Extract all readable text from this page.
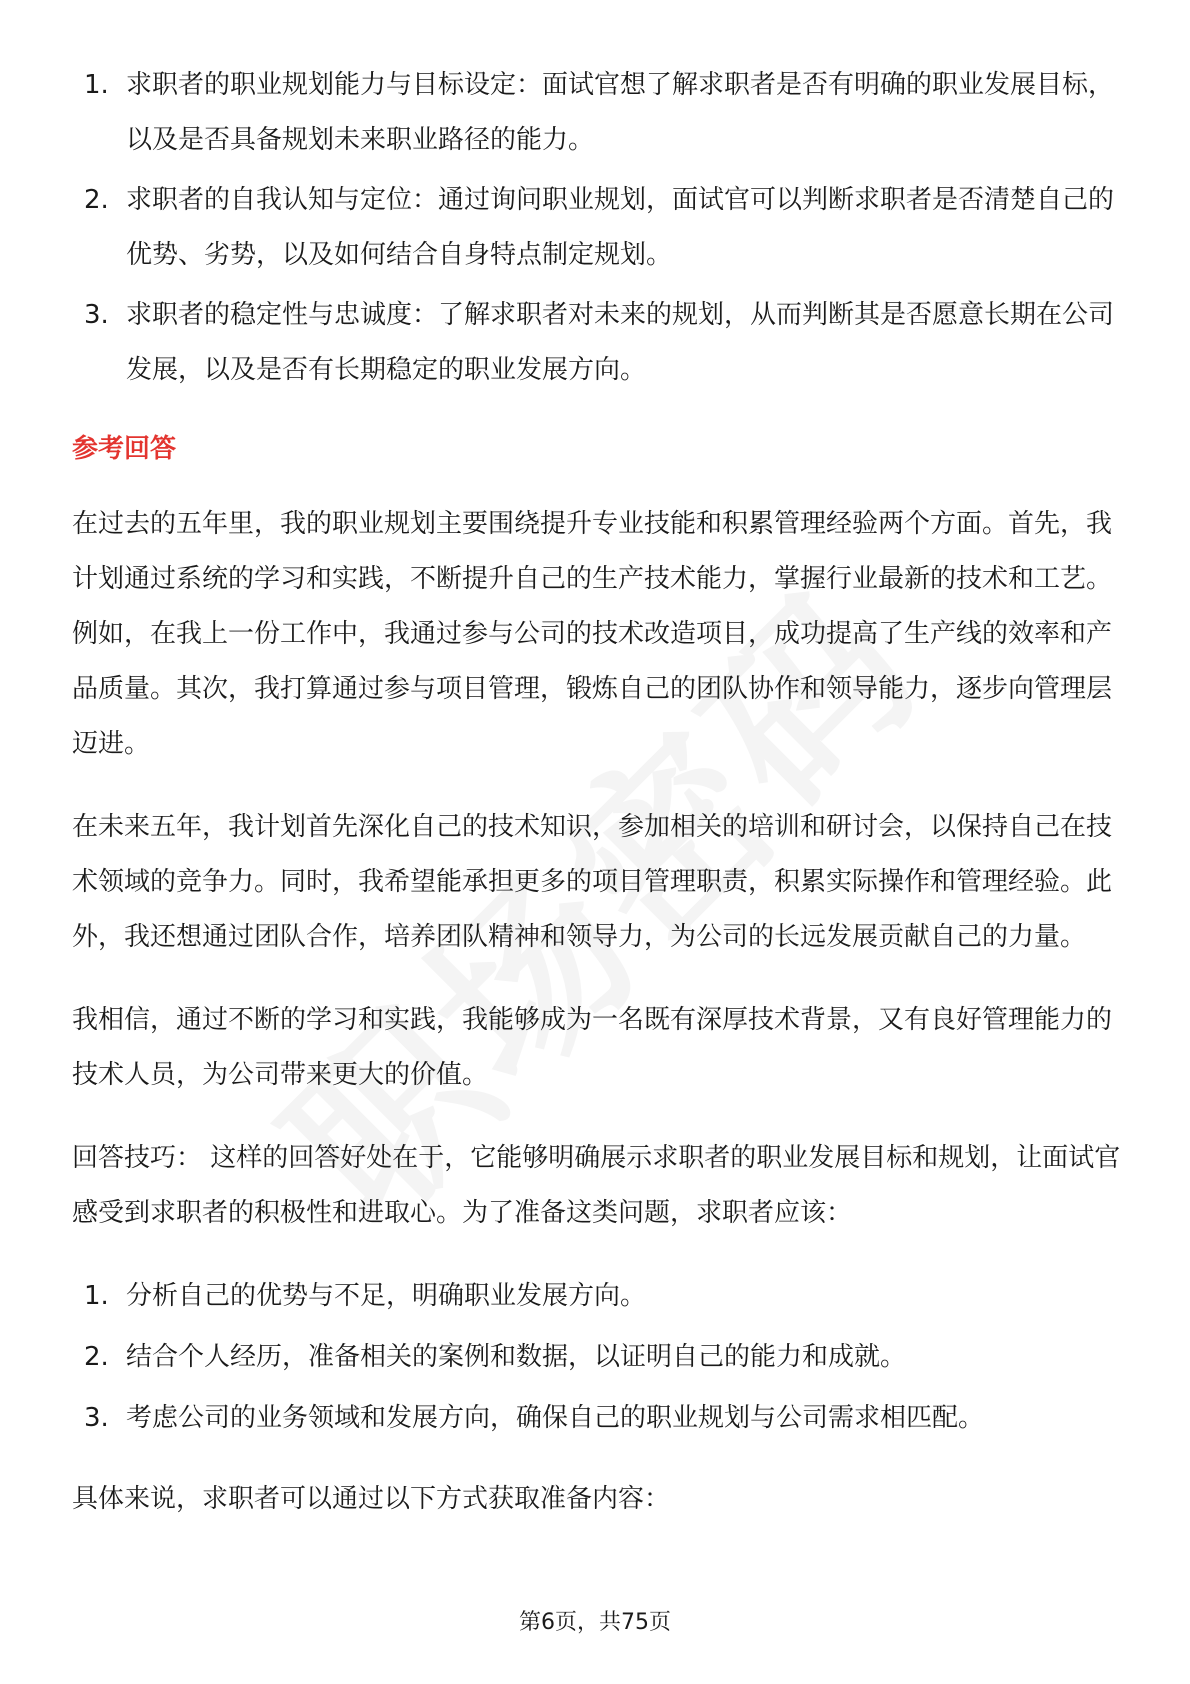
1. 求职者的职业规划能力与目标设定：面试官想了解求职者是否有明确的职业发展目标，以及是否具备规划未来职业路径的能力。
2. 求职者的自我认知与定位：通过询问职业规划，面试官可以判断求职者是否清楚自己的优势、劣势，以及如何结合自身特点制定规划。
3. 求职者的稳定性与忠诚度：了解求职者对未来的规划，从而判断其是否愿意长期在公司发展，以及是否有长期稳定的职业发展方向。
参考回答

在过去的五年里，我的职业规划主要围绕提升专业技能和积累管理经验两个方面。首先，我计划通过系统的学习和实践，不断提升自己的生产技术能力，掌握行业最新的技术和工艺。例如，在我上一份工作中，我通过参与公司的技术改造项目，成功提高了生产线的效率和产品质量。其次，我打算通过参与项目管理，锻炼自己的团队协作和领导能力，逐步向管理层迈进。

在未来五年，我计划首先深化自己的技术知识，参加相关的培训和研讨会，以保持自己在技术领域的竞争力。同时，我希望能承担更多的项目管理职责，积累实际操作和管理经验。此外，我还想通过团队合作，培养团队精神和领导力，为公司的长远发展贡献自己的力量。

我相信，通过不断的学习和实践，我能够成为一名既有深厚技术背景，又有良好管理能力的技术人员，为公司带来更大的价值。

回答技巧： 这样的回答好处在于，它能够明确展示求职者的职业发展目标和规划，让面试官感受到求职者的积极性和进取心。为了准备这类问题，求职者应该：

1. 分析自己的优势与不足，明确职业发展方向。
2. 结合个人经历，准备相关的案例和数据，以证明自己的能力和成就。
3. 考虑公司的业务领域和发展方向，确保自己的职业规划与公司需求相匹配。

具体来说，求职者可以通过以下方式获取准备内容：

第6页，共75页
